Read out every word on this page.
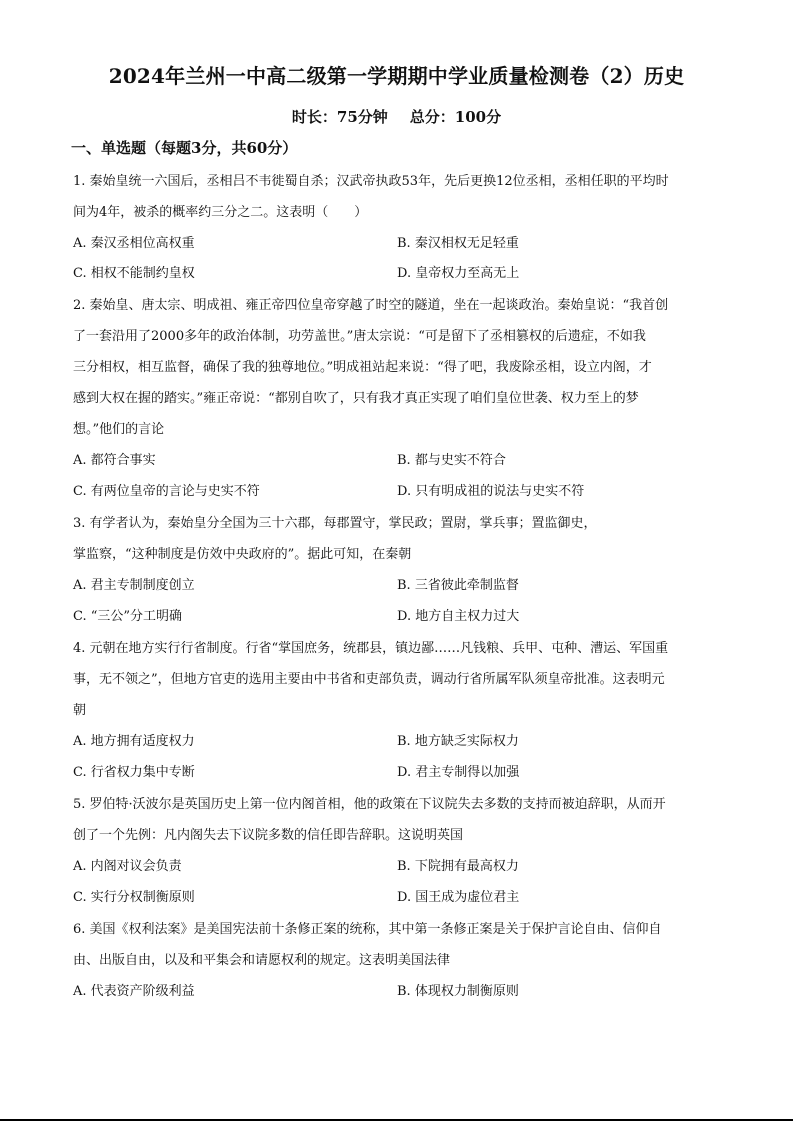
2024年兰州一中高二级第一学期期中学业质量检测卷（2）历史
时长：75分钟 总分：100分
一、单选题（每题3分，共60分）
1. 秦始皇统一六国后，丞相吕不韦徙蜀自杀；汉武帝执政53年，先后更换12位丞相，丞相任职的平均时
间为4年，被杀的概率约三分之二。这表明（　　）
A. 秦汉丞相位高权重	B. 秦汉相权无足轻重
C. 相权不能制约皇权	D. 皇帝权力至高无上
2. 秦始皇、唐太宗、明成祖、雍正帝四位皇帝穿越了时空的隧道，坐在一起谈政治。秦始皇说：“我首创
了一套沿用了2000多年的政治体制，功劳盖世。”唐太宗说：“可是留下了丞相篡权的后遗症，不如我
三分相权，相互监督，确保了我的独尊地位。”明成祖站起来说：“得了吧，我废除丞相，设立内阁，才
感到大权在握的踏实。”雍正帝说：“都别自吹了，只有我才真正实现了咱们皇位世袭、权力至上的梦
想。”他们的言论
A. 都符合事实	B. 都与史实不符合
C. 有两位皇帝的言论与史实不符	D. 只有明成祖的说法与史实不符
3. 有学者认为，秦始皇分全国为三十六郡，每郡置守，掌民政；置尉，掌兵事；置监御史，
掌监察，“这种制度是仿效中央政府的”。据此可知，在秦朝
A. 君主专制制度创立	B. 三省彼此牵制监督
C. “三公”分工明确	D. 地方自主权力过大
4. 元朝在地方实行行省制度。行省“掌国庶务，统郡县，镇边鄙……凡钱粮、兵甲、屯种、漕运、军国重
事，无不领之”，但地方官吏的选用主要由中书省和吏部负责，调动行省所属军队须皇帝批准。这表明元
朝
A. 地方拥有适度权力	B. 地方缺乏实际权力
C. 行省权力集中专断	D. 君主专制得以加强
5. 罗伯特·沃波尔是英国历史上第一位内阁首相，他的政策在下议院失去多数的支持而被迫辞职，从而开
创了一个先例：凡内阁失去下议院多数的信任即告辞职。这说明英国
A. 内阁对议会负责	B. 下院拥有最高权力
C. 实行分权制衡原则	D. 国王成为虚位君主
6. 美国《权利法案》是美国宪法前十条修正案的统称，其中第一条修正案是关于保护言论自由、信仰自
由、出版自由，以及和平集会和请愿权利的规定。这表明美国法律
A. 代表资产阶级利益	B. 体现权力制衡原则
